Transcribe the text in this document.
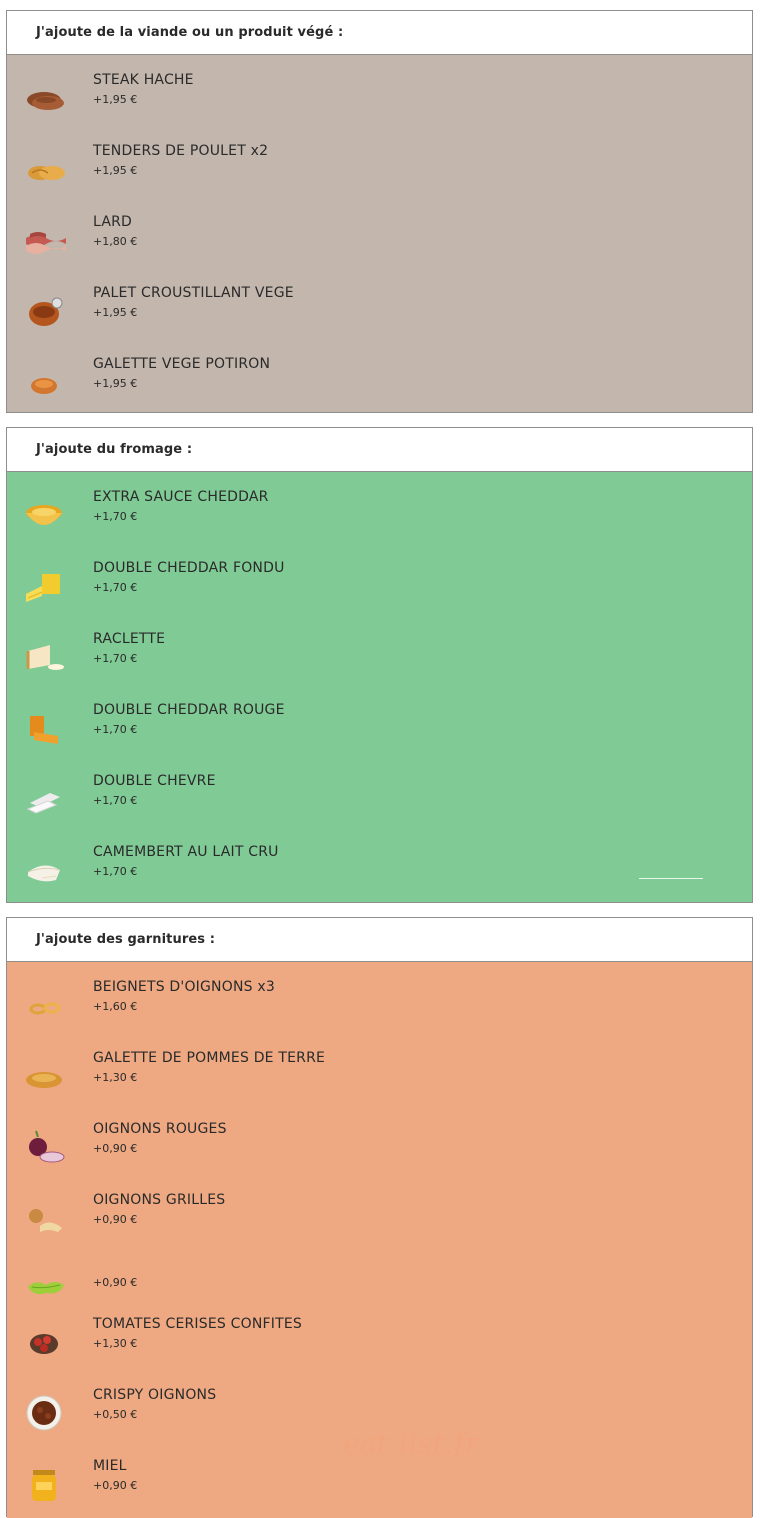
J'ajoute de la viande ou un produit végé :
STEAK HACHE
+1,95 €
TENDERS DE POULET x2
+1,95 €
LARD
+1,80 €
PALET CROUSTILLANT VEGE
+1,95 €
GALETTE VEGE POTIRON
+1,95 €
J'ajoute du fromage :
EXTRA SAUCE CHEDDAR
+1,70 €
DOUBLE CHEDDAR FONDU
+1,70 €
RACLETTE
+1,70 €
DOUBLE CHEDDAR ROUGE
+1,70 €
DOUBLE CHEVRE
+1,70 €
CAMEMBERT AU LAIT CRU
+1,70 €
J'ajoute des garnitures :
BEIGNETS D'OIGNONS x3
+1,60 €
GALETTE DE POMMES DE TERRE
+1,30 €
OIGNONS ROUGES
+0,90 €
OIGNONS GRILLES
+0,90 €
+0,90 €
TOMATES CERISES CONFITES
+1,30 €
CRISPY OIGNONS
+0,50 €
MIEL
+0,90 €
eat-list.fr
